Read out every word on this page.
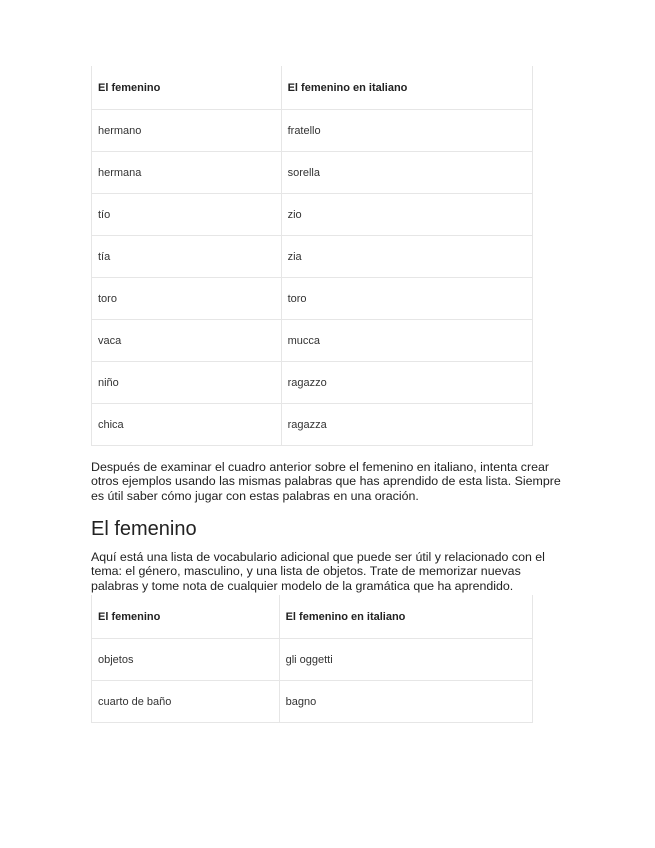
El femenino	El femenino en italiano
hermano	fratello
hermana	sorella
tío	zio
tía	zia
toro	toro
vaca	mucca
niño	ragazzo
chica	ragazza

Después de examinar el cuadro anterior sobre el femenino en italiano, intenta crear otros ejemplos usando las mismas palabras que has aprendido de esta lista. Siempre es útil saber cómo jugar con estas palabras en una oración.

El femenino

Aquí está una lista de vocabulario adicional que puede ser útil y relacionado con el tema: el género, masculino, y una lista de objetos. Trate de memorizar nuevas palabras y tome nota de cualquier modelo de la gramática que ha aprendido.

El femenino	El femenino en italiano
objetos	gli oggetti
cuarto de baño	bagno
